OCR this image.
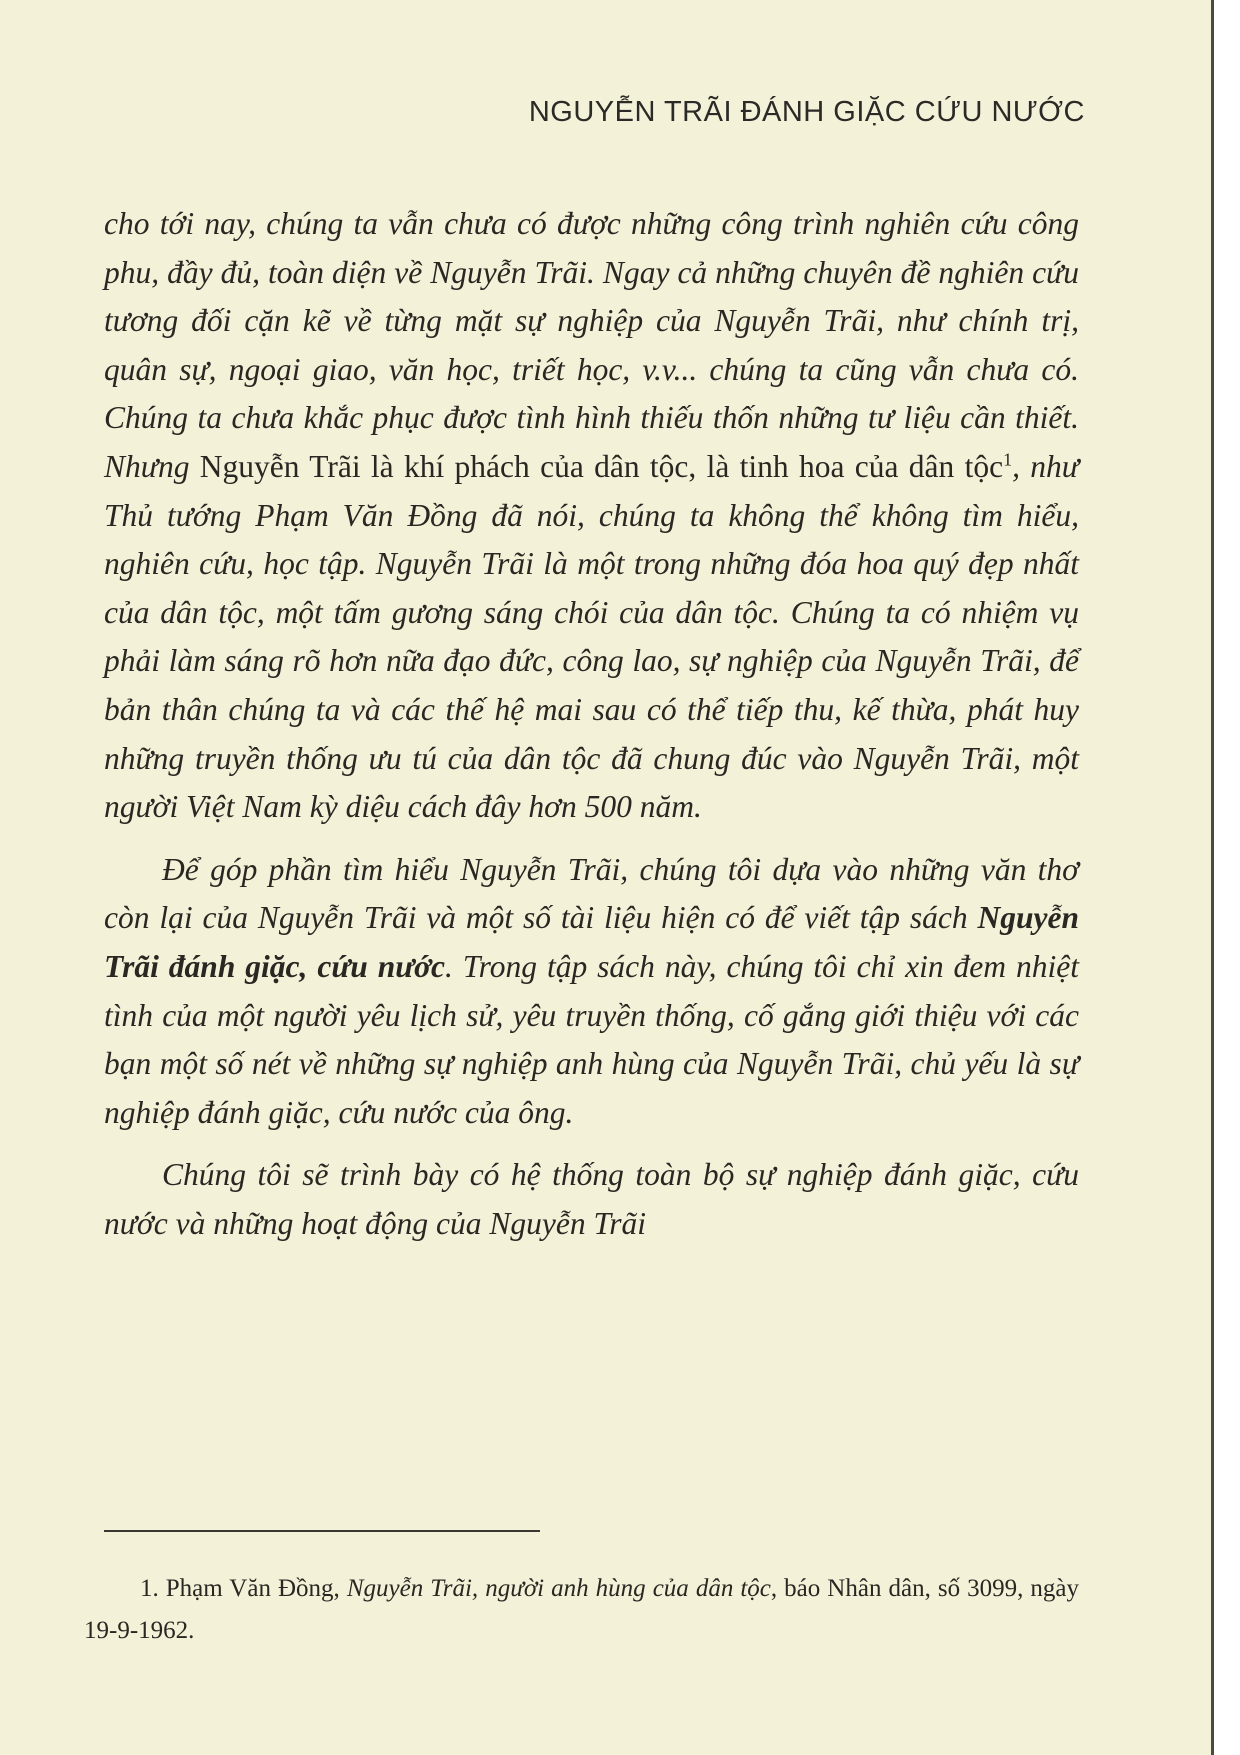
NGUYỄN TRÃI ĐÁNH GIẶC CỨU NƯỚC

cho tới nay, chúng ta vẫn chưa có được những công trình nghiên cứu công phu, đầy đủ, toàn diện về Nguyễn Trãi. Ngay cả những chuyên đề nghiên cứu tương đối cặn kẽ về từng mặt sự nghiệp của Nguyễn Trãi, như chính trị, quân sự, ngoại giao, văn học, triết học, v.v... chúng ta cũng vẫn chưa có. Chúng ta chưa khắc phục được tình hình thiếu thốn những tư liệu cần thiết. Nhưng Nguyễn Trãi là khí phách của dân tộc, là tinh hoa của dân tộc$^1$, như Thủ tướng Phạm Văn Đồng đã nói, chúng ta không thể không tìm hiểu, nghiên cứu, học tập. Nguyễn Trãi là một trong những đóa hoa quý đẹp nhất của dân tộc, một tấm gương sáng chói của dân tộc. Chúng ta có nhiệm vụ phải làm sáng rõ hơn nữa đạo đức, công lao, sự nghiệp của Nguyễn Trãi, để bản thân chúng ta và các thế hệ mai sau có thể tiếp thu, kế thừa, phát huy những truyền thống ưu tú của dân tộc đã chung đúc vào Nguyễn Trãi, một người Việt Nam kỳ diệu cách đây hơn 500 năm.

Để góp phần tìm hiểu Nguyễn Trãi, chúng tôi dựa vào những văn thơ còn lại của Nguyễn Trãi và một số tài liệu hiện có để viết tập sách Nguyễn Trãi đánh giặc, cứu nước. Trong tập sách này, chúng tôi chỉ xin đem nhiệt tình của một người yêu lịch sử, yêu truyền thống, cố gắng giới thiệu với các bạn một số nét về những sự nghiệp anh hùng của Nguyễn Trãi, chủ yếu là sự nghiệp đánh giặc, cứu nước của ông.

Chúng tôi sẽ trình bày có hệ thống toàn bộ sự nghiệp đánh giặc, cứu nước và những hoạt động của Nguyễn Trãi

1. Phạm Văn Đồng, Nguyễn Trãi, người anh hùng của dân tộc, báo Nhân dân, số 3099, ngày 19-9-1962.
